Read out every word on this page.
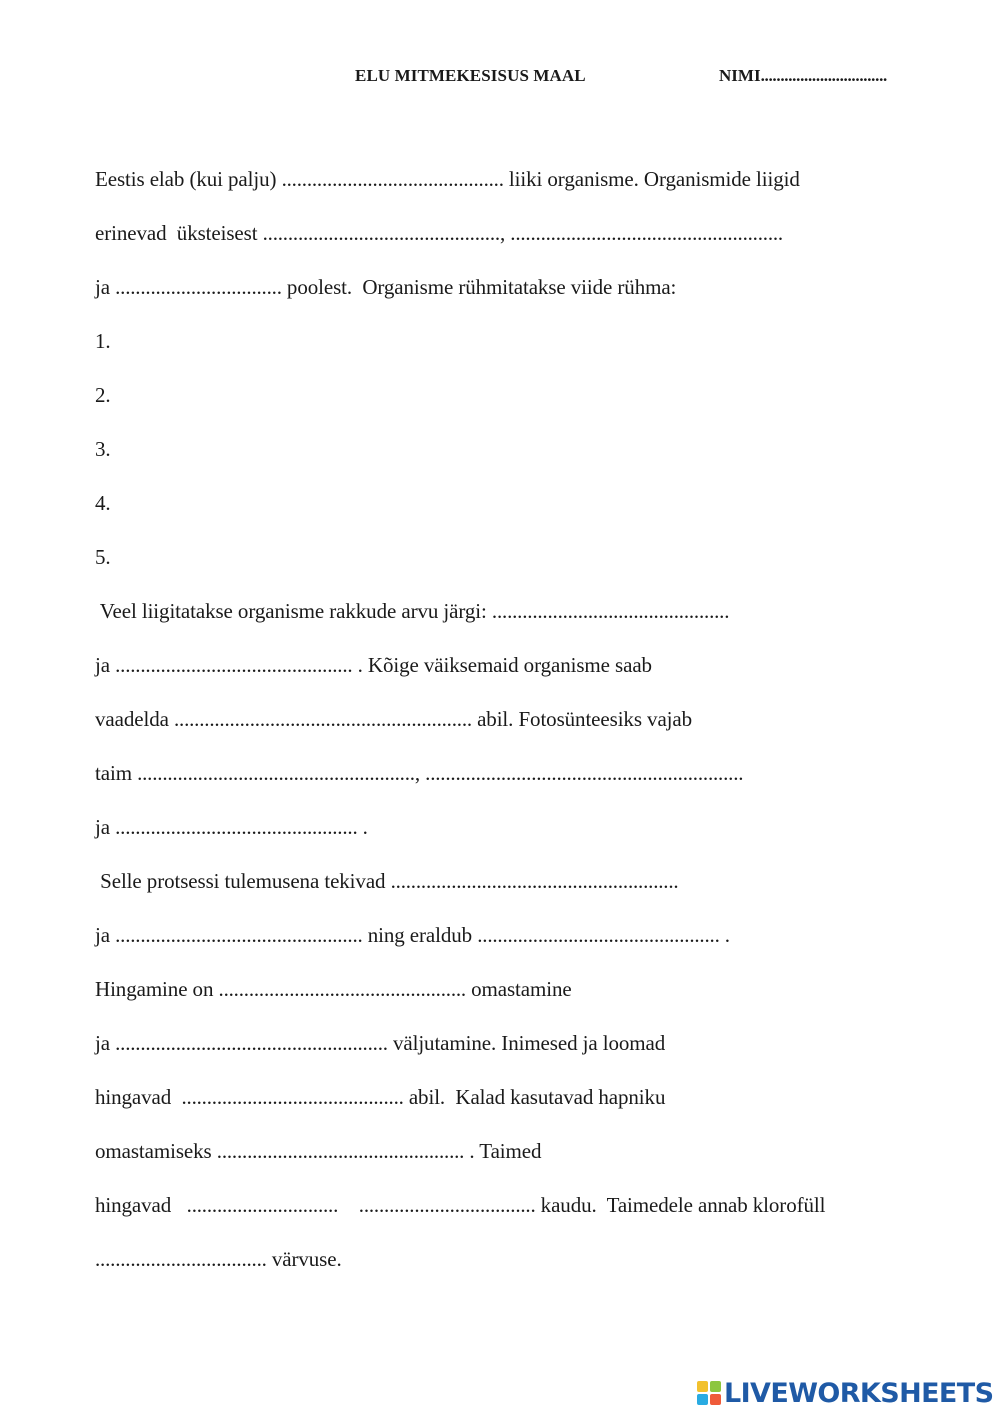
ELU MITMEKESISUS MAAL	NIMI................................
Eestis elab (kui palju) ............................................ liiki organisme. Organismide liigid
erinevad  üksteisest ..............................................., ......................................................
ja ................................. poolest.  Organisme rühmitatakse viide rühma:
1.
2.
3.
4.
5.
Veel liigitatakse organisme rakkude arvu järgi: ...............................................
ja ............................................... . Kõige väiksemaid organisme saab
vaadelda ........................................................... abil. Fotosünteesiks vajab
taim ......................................................., ...............................................................
ja ................................................ .
Selle protsessi tulemusena tekivad .........................................................
ja ................................................. ning eraldub ................................................ .
Hingamine on ................................................. omastamine
ja ...................................................... väljutamine. Inimesed ja loomad
hingavad  ............................................ abil.  Kalad kasutavad hapniku
omastamiseks ................................................. . Taimed
hingavad   .............................. ................................... kaudu.  Taimedele annab klorofüll
.................................. värvuse.
LIVEWORKSHEETS
